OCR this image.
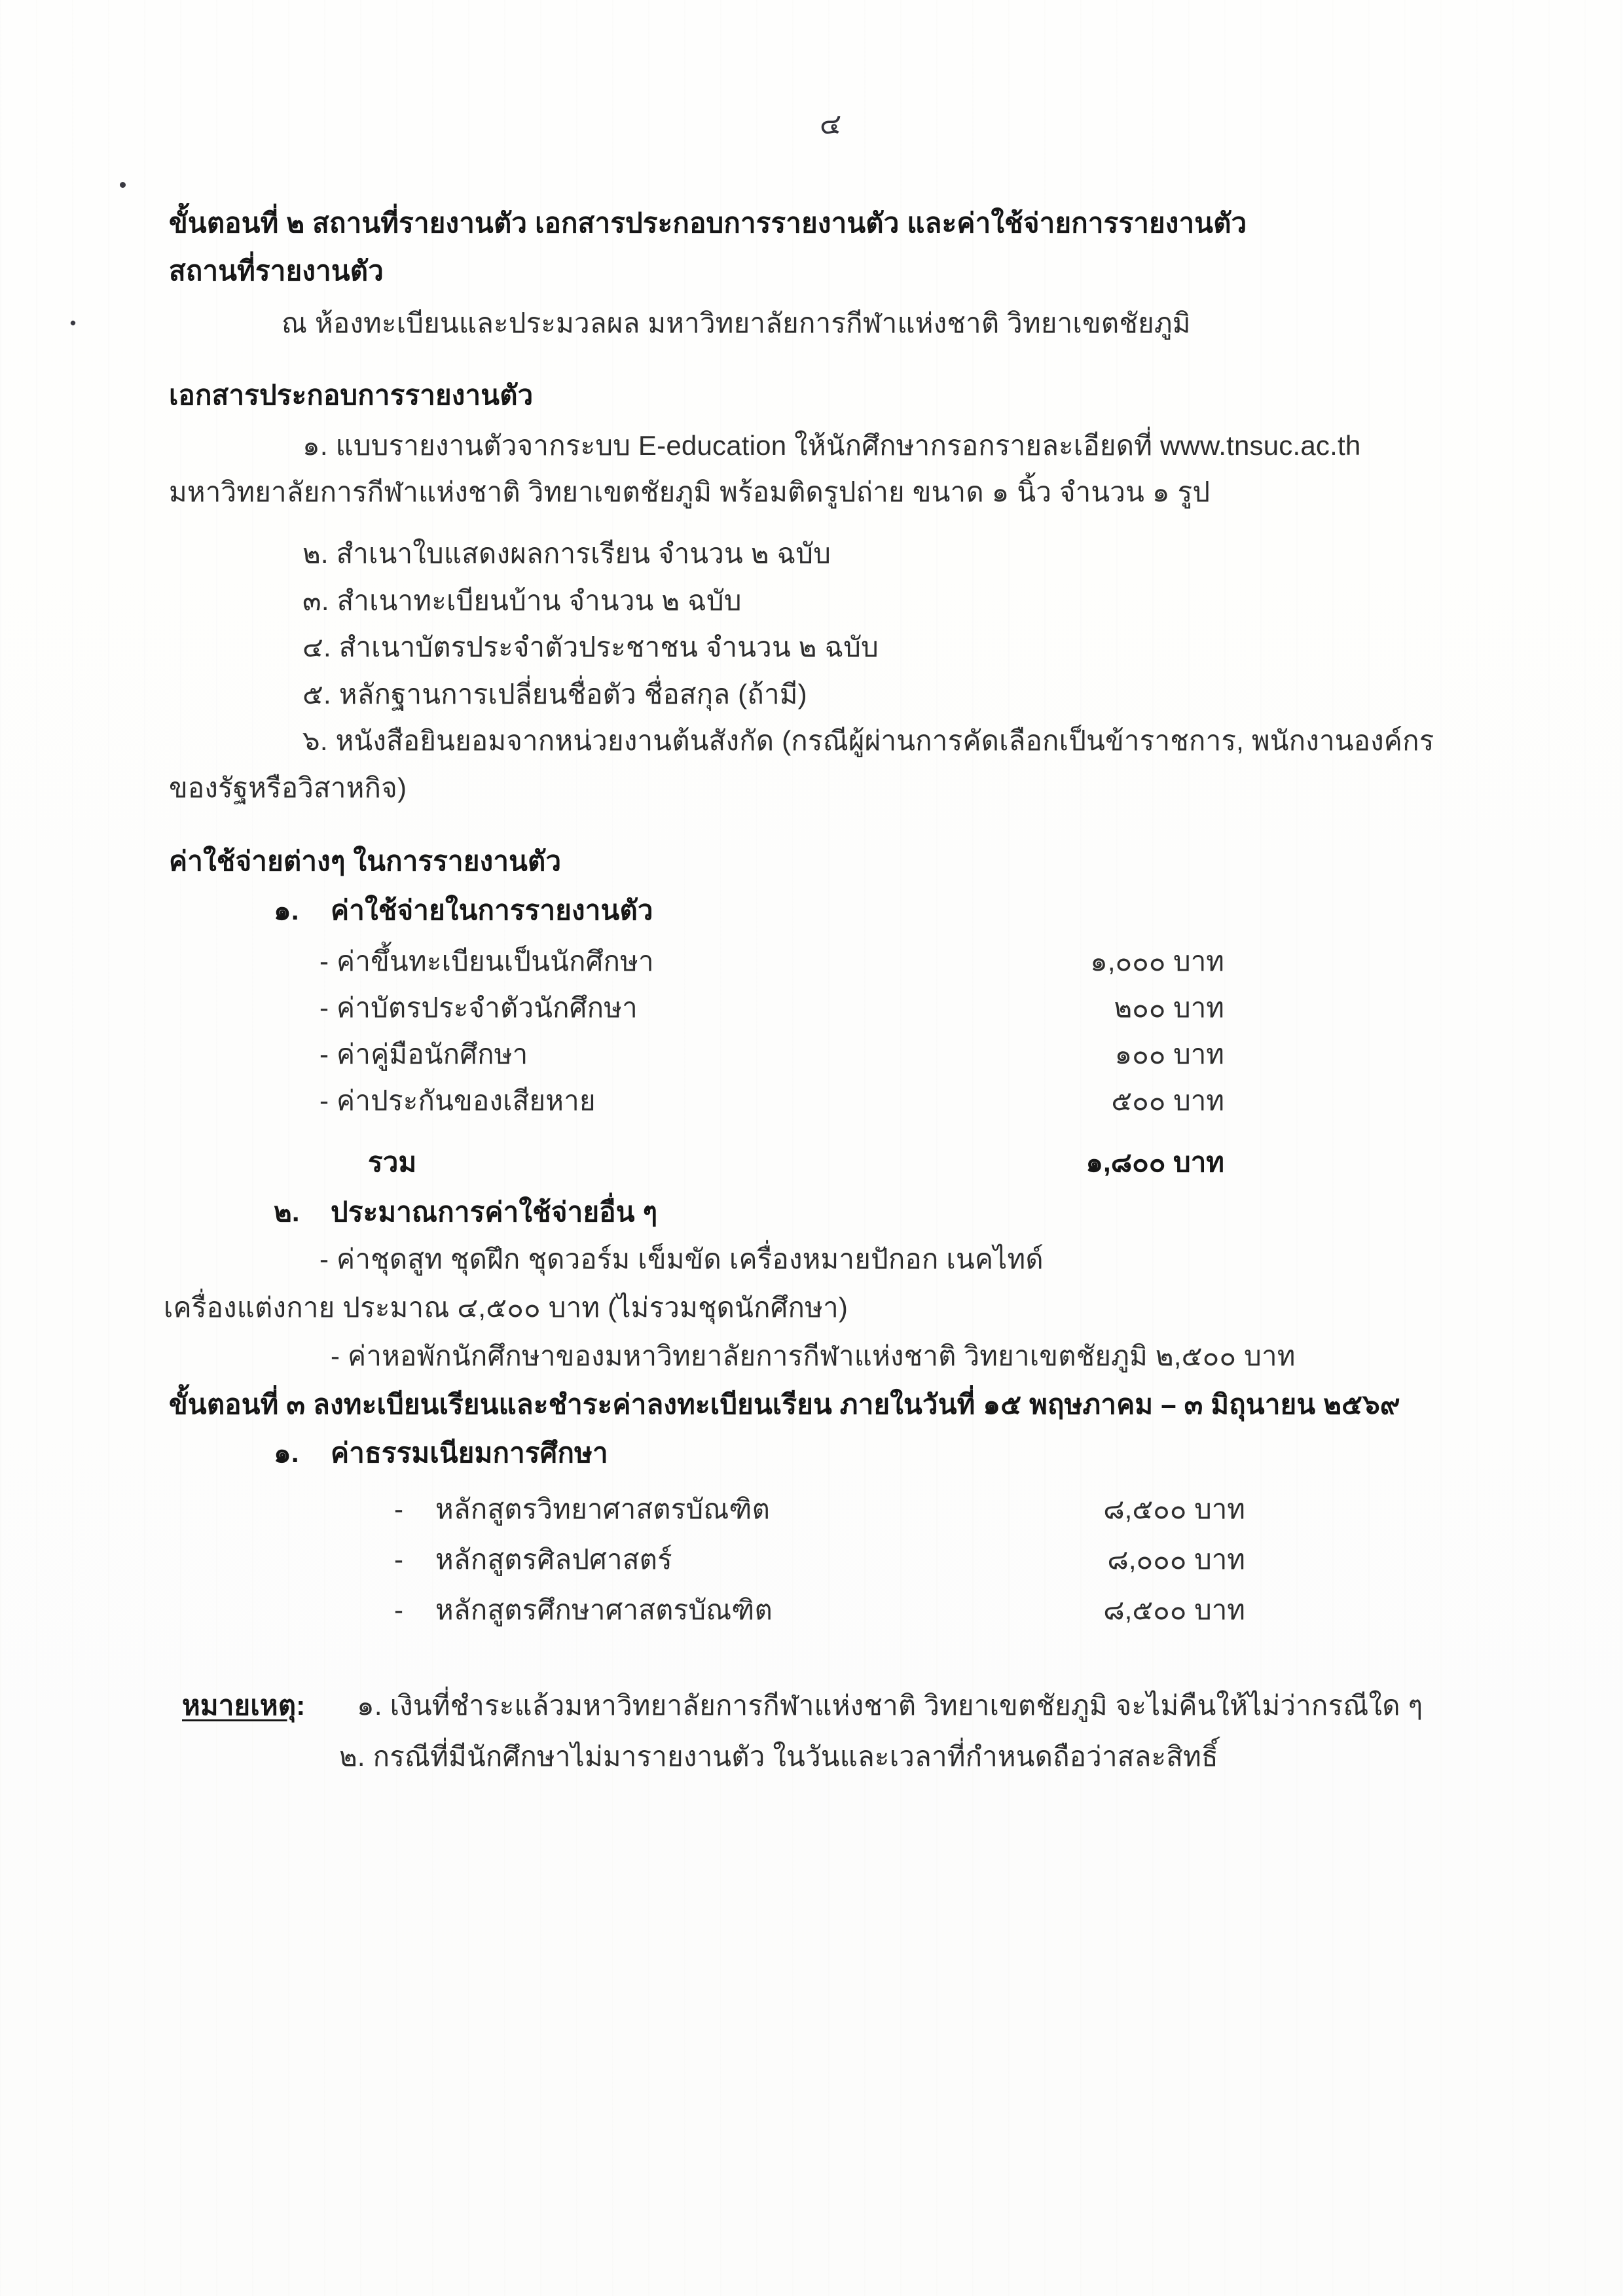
๔
ขั้นตอนที่ ๒ สถานที่รายงานตัว เอกสารประกอบการรายงานตัว และค่าใช้จ่ายการรายงานตัว
สถานที่รายงานตัว
ณ ห้องทะเบียนและประมวลผล มหาวิทยาลัยการกีฬาแห่งชาติ วิทยาเขตชัยภูมิ
เอกสารประกอบการรายงานตัว
๑. แบบรายงานตัวจากระบบ E-education ให้นักศึกษากรอกรายละเอียดที่ www.tnsuc.ac.th
มหาวิทยาลัยการกีฬาแห่งชาติ วิทยาเขตชัยภูมิ พร้อมติดรูปถ่าย ขนาด ๑ นิ้ว จำนวน ๑ รูป
๒. สำเนาใบแสดงผลการเรียน จำนวน ๒ ฉบับ
๓. สำเนาทะเบียนบ้าน จำนวน ๒ ฉบับ
๔. สำเนาบัตรประจำตัวประชาชน จำนวน ๒ ฉบับ
๕. หลักฐานการเปลี่ยนชื่อตัว ชื่อสกุล (ถ้ามี)
๖. หนังสือยินยอมจากหน่วยงานต้นสังกัด (กรณีผู้ผ่านการคัดเลือกเป็นข้าราชการ, พนักงานองค์กร
ของรัฐหรือวิสาหกิจ)
ค่าใช้จ่ายต่างๆ ในการรายงานตัว
๑. ค่าใช้จ่ายในการรายงานตัว
- ค่าขึ้นทะเบียนเป็นนักศึกษา	๑,๐๐๐ บาท
- ค่าบัตรประจำตัวนักศึกษา	๒๐๐ บาท
- ค่าคู่มือนักศึกษา	๑๐๐ บาท
- ค่าประกันของเสียหาย	๕๐๐ บาท
รวม	๑,๘๐๐ บาท
๒. ประมาณการค่าใช้จ่ายอื่น ๆ
- ค่าชุดสูท ชุดฝึก ชุดวอร์ม เข็มขัด เครื่องหมายปักอก เนคไทด์
เครื่องแต่งกาย ประมาณ ๔,๕๐๐ บาท (ไม่รวมชุดนักศึกษา)
- ค่าหอพักนักศึกษาของมหาวิทยาลัยการกีฬาแห่งชาติ วิทยาเขตชัยภูมิ ๒,๕๐๐ บาท
ขั้นตอนที่ ๓ ลงทะเบียนเรียนและชำระค่าลงทะเบียนเรียน ภายในวันที่ ๑๕ พฤษภาคม – ๓ มิถุนายน ๒๕๖๙
๑. ค่าธรรมเนียมการศึกษา
- หลักสูตรวิทยาศาสตรบัณฑิต	๘,๕๐๐ บาท
- หลักสูตรศิลปศาสตร์	๘,๐๐๐ บาท
- หลักสูตรศึกษาศาสตรบัณฑิต	๘,๕๐๐ บาท
หมายเหตุ: ๑. เงินที่ชำระแล้วมหาวิทยาลัยการกีฬาแห่งชาติ วิทยาเขตชัยภูมิ จะไม่คืนให้ไม่ว่ากรณีใด ๆ
๒. กรณีที่มีนักศึกษาไม่มารายงานตัว ในวันและเวลาที่กำหนดถือว่าสละสิทธิ์
